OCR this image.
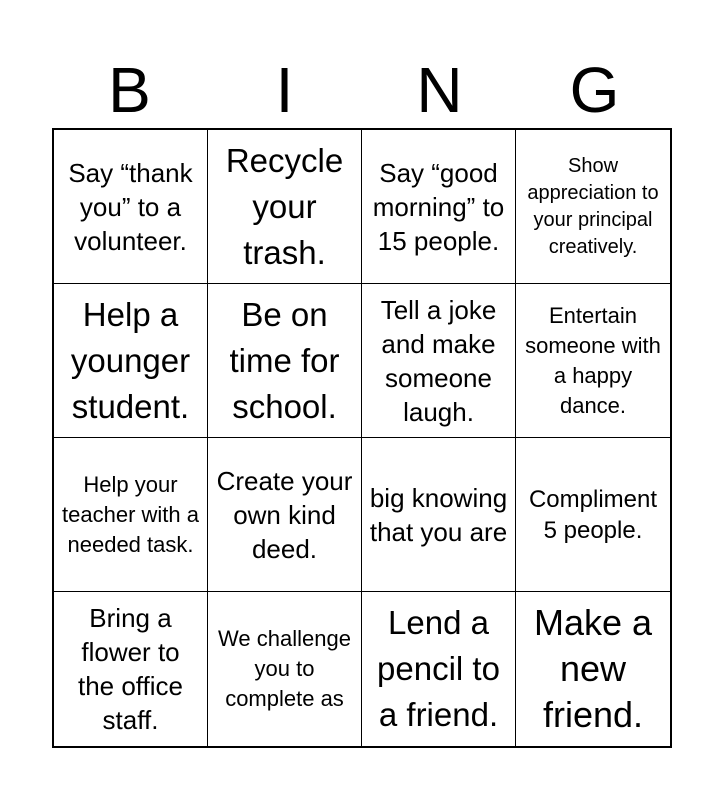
B	I	N	G
Say “thank you” to a volunteer.
Recycle your trash.
Say “good morning” to 15 people.
Show appreciation to your principal creatively.
Help a younger student.
Be on time for school.
Tell a joke and make someone laugh.
Entertain someone with a happy dance.
Help your teacher with a needed task.
Create your own kind deed.
big knowing that you are
Compliment 5 people.
Bring a flower to the office staff.
We challenge you to complete as
Lend a pencil to a friend.
Make a new friend.
